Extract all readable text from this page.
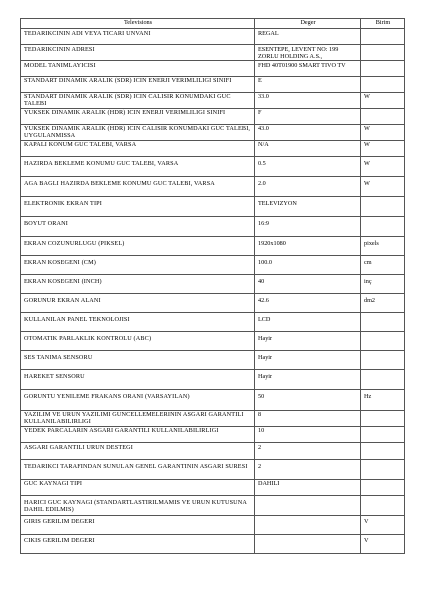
Televisions	Deger	Birim
TEDARIKCININ ADI VEYA TICARI UNVANI	REGAL	
TEDARIKCININ ADRESI	ESENTEPE, LEVENT NO: 199 ZORLU HOLDING A.S.,	
MODEL TANIMLAYICISI	FHD 40T01900 SMART TIVO TV	
STANDART DINAMIK ARALIK (SDR) ICIN ENERJI VERIMLILIGI SINIFI	E	
STANDART DINAMIK ARALIK (SDR) ICIN CALISIR KONUMDAKI GUC TALEBI	33.0	W
YUKSEK DINAMIK ARALIK (HDR) ICIN ENERJI VERIMLILIGI SINIFI	F	
YUKSEK DINAMIK ARALIK (HDR) ICIN CALISIR KONUMDAKI GUC TALEBI, UYGULANMISSA	43.0	W
KAPALI KONUM GUC TALEBI, VARSA	N/A	W
HAZIRDA BEKLEME KONUMU GUC TALEBI, VARSA	0.5	W
AGA BAGLI HAZIRDA BEKLEME KONUMU GUC TALEBI, VARSA	2.0	W
ELEKTRONIK EKRAN TIPI	TELEVIZYON	
BOYUT ORANI	16:9	
EKRAN COZUNURLUGU (PIKSEL)	1920x1080	pixels
EKRAN KOSEGENI (CM)	100.0	cm
EKRAN KOSEGENI (INCH)	40	inç
GORUNUR EKRAN ALANI	42.6	dm2
KULLANILAN PANEL TEKNOLOJISI	LCD	
OTOMATIK PARLAKLIK KONTROLU (ABC)	Hayir	
SES TANIMA SENSORU	Hayir	
HAREKET SENSORU	Hayir	
GORUNTU YENILEME FRAKANS ORANI (VARSAYILAN)	50	Hz
YAZILIM VE URUN YAZILIMI GUNCELLEMELERININ ASGARI GARANTILI KULLANILABILIRLIGI	8	
YEDEK PARCALARIN ASGARI GARANTILI KULLANILABILIRLIGI	10	
ASGARI GARANTILI URUN DESTEGI	2	
TEDARIKCI TARAFINDAN SUNULAN GENEL GARANTININ ASGARI SURESI	2	
GUC KAYNAGI TIPI	DAHILI	
HARICI GUC KAYNAGI (STANDARTLASTIRILMAMIS VE URUN KUTUSUNA DAHIL EDILMIS)		
GIRIS GERILIM DEGERI		V
CIKIS GERILIM DEGERI		V
